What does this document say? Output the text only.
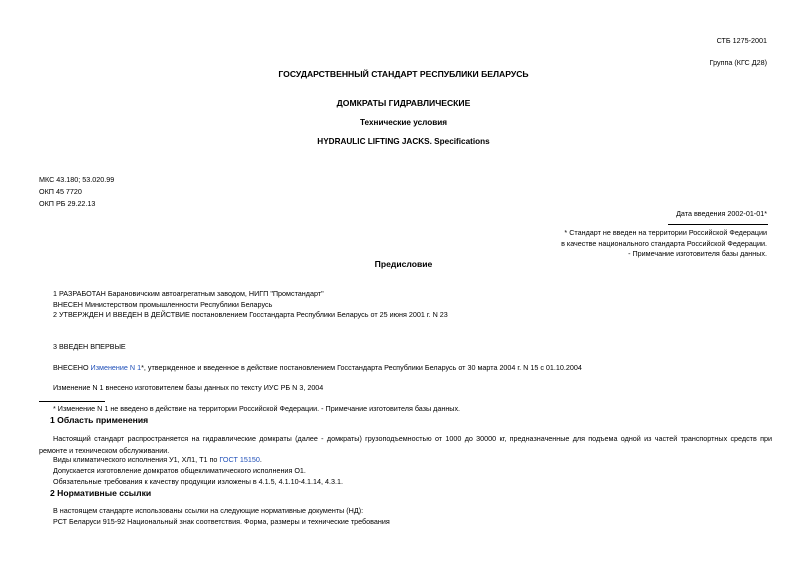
СТБ 1275-2001
Группа (КГС Д28)
ГОСУДАРСТВЕННЫЙ СТАНДАРТ РЕСПУБЛИКИ БЕЛАРУСЬ
ДОМКРАТЫ ГИДРАВЛИЧЕСКИЕ
Технические условия
HYDRAULIC LIFTING JACKS. Specifications
МКС 43.180; 53.020.99
ОКП 45 7720
ОКП РБ 29.22.13
Дата введения 2002-01-01*
* Стандарт не введен на территории Российской Федерации
в качестве национального стандарта Российской Федерации.
- Примечание изготовителя базы данных.
Предисловие
1 РАЗРАБОТАН Барановичским автоагрегатным заводом, НИГП "Промстандарт"
ВНЕСЕН Министерством промышленности Республики Беларусь
2 УТВЕРЖДЕН И ВВЕДЕН В ДЕЙСТВИЕ постановлением Госстандарта Республики Беларусь от 25 июня 2001 г. N 23
3 ВВЕДЕН ВПЕРВЫЕ
ВНЕСЕНО Изменение N 1*, утвержденное и введенное в действие постановлением Госстандарта Республики Беларусь от 30 марта 2004 г. N 15 с 01.10.2004
Изменение N 1 внесено изготовителем базы данных по тексту ИУС РБ N 3, 2004
* Изменение N 1 не введено в действие на территории Российской Федерации. - Примечание изготовителя базы данных.
1 Область применения
Настоящий стандарт распространяется на гидравлические домкраты (далее - домкраты) грузоподъемностью от 1000 до 30000 кг, предназначенные для подъема одной из частей транспортных средств при ремонте и техническом обслуживании.
Виды климатического исполнения У1, ХЛ1, Т1 по ГОСТ 15150.
Допускается изготовление домкратов общеклиматического исполнения О1.
Обязательные требования к качеству продукции изложены в 4.1.5, 4.1.10-4.1.14, 4.3.1.
2 Нормативные ссылки
В настоящем стандарте использованы ссылки на следующие нормативные документы (НД):
РСТ Беларуси 915-92 Национальный знак соответствия. Форма, размеры и технические требования
